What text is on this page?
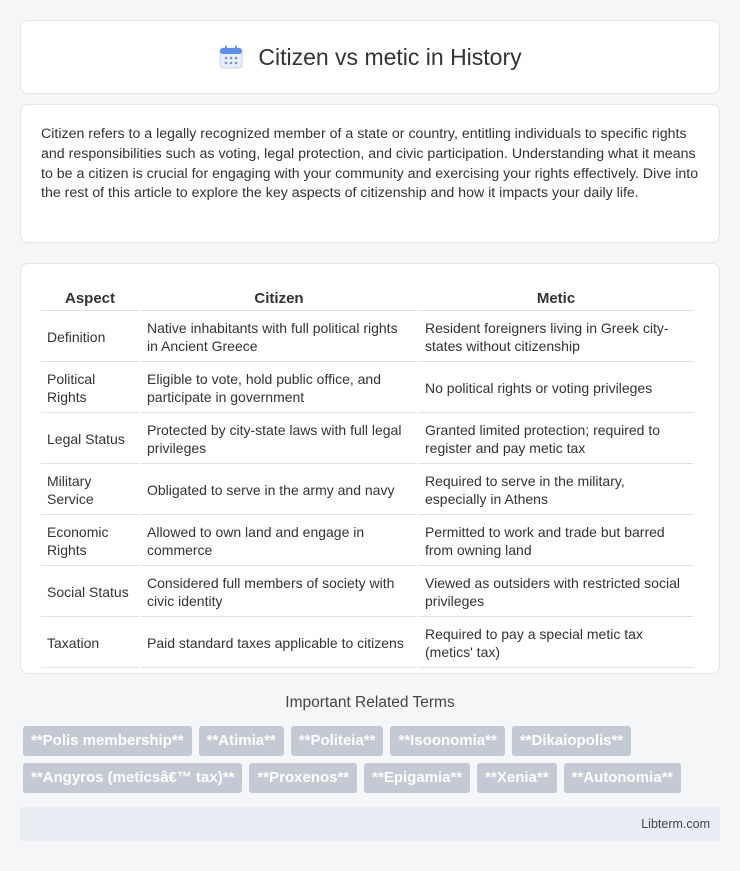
Citizen vs metic in History

Citizen refers to a legally recognized member of a state or country, entitling individuals to specific rights and responsibilities such as voting, legal protection, and civic participation. Understanding what it means to be a citizen is crucial for engaging with your community and exercising your rights effectively. Dive into the rest of this article to explore the key aspects of citizenship and how it impacts your daily life.

Aspect	Citizen	Metic
Definition	Native inhabitants with full political rights in Ancient Greece	Resident foreigners living in Greek city-states without citizenship
Political Rights	Eligible to vote, hold public office, and participate in government	No political rights or voting privileges
Legal Status	Protected by city-state laws with full legal privileges	Granted limited protection; required to register and pay metic tax
Military Service	Obligated to serve in the army and navy	Required to serve in the military, especially in Athens
Economic Rights	Allowed to own land and engage in commerce	Permitted to work and trade but barred from owning land
Social Status	Considered full members of society with civic identity	Viewed as outsiders with restricted social privileges
Taxation	Paid standard taxes applicable to citizens	Required to pay a special metic tax (metics' tax)
Important Related Terms
**Polis membership**	**Atimia**	**Politeia**	**Isoonomia**	**Dikaiopolis**
**Angyros (meticsâ€™ tax)**	**Proxenos**	**Epigamia**	**Xenia**	**Autonomia**
Libterm.com
